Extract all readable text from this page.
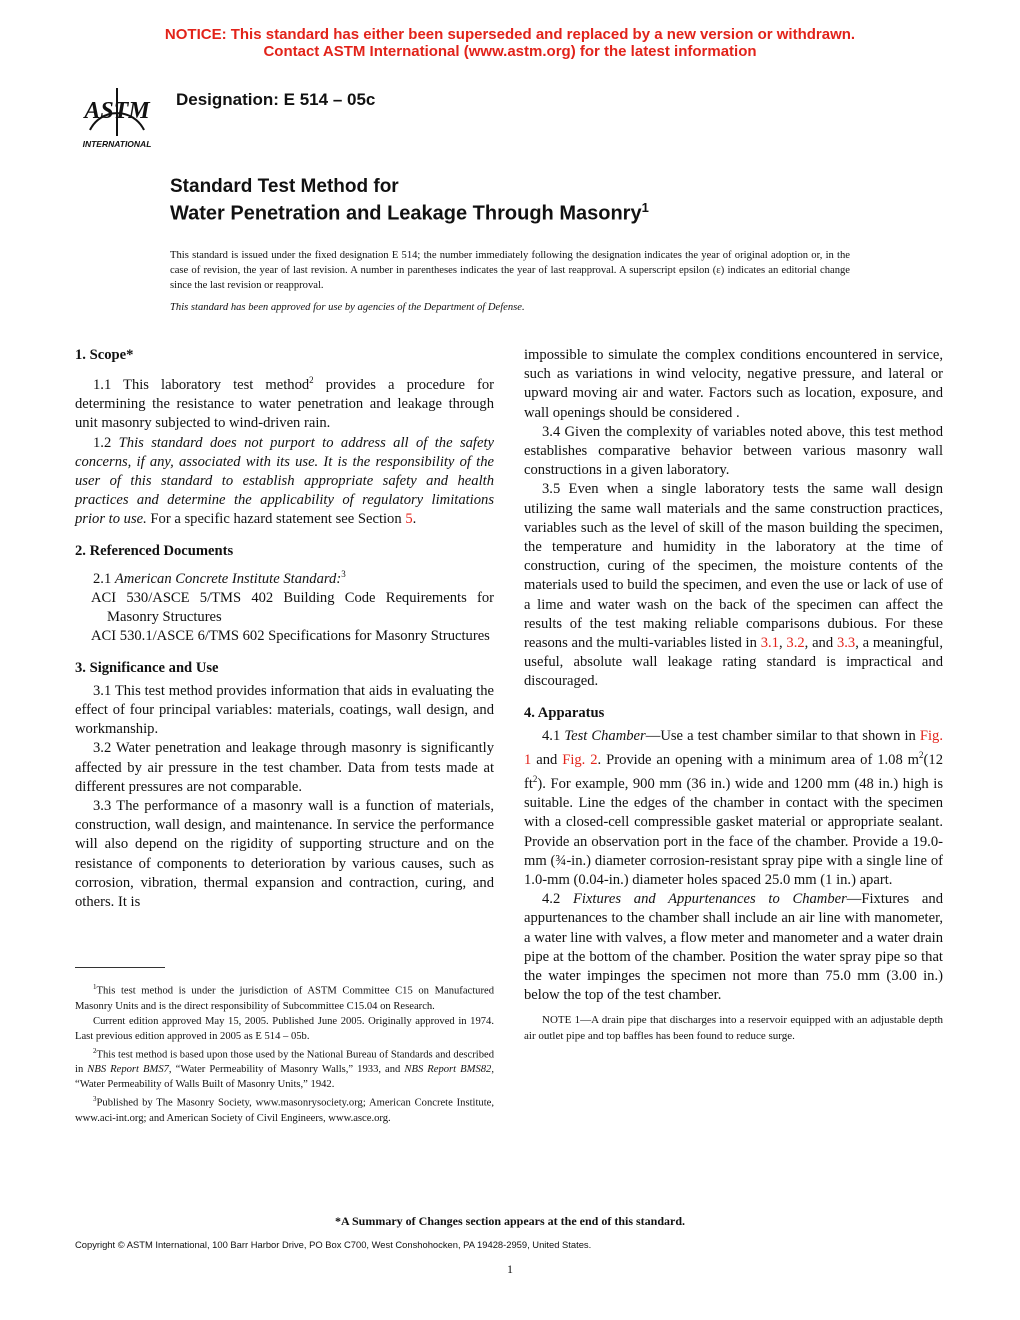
NOTICE: This standard has either been superseded and replaced by a new version or withdrawn.
Contact ASTM International (www.astm.org) for the latest information
ASTM
INTERNATIONAL
Designation: E 514 – 05c
Standard Test Method for
Water Penetration and Leakage Through Masonry$^1$
This standard is issued under the fixed designation E 514; the number immediately following the designation indicates the year of original adoption or, in the case of revision, the year of last revision. A number in parentheses indicates the year of last reapproval. A superscript epsilon (ε) indicates an editorial change since the last revision or reapproval.
This standard has been approved for use by agencies of the Department of Defense.
1. Scope*

1.1 This laboratory test method$^2$ provides a procedure for determining the resistance to water penetration and leakage through unit masonry subjected to wind-driven rain.

1.2 This standard does not purport to address all of the safety concerns, if any, associated with its use. It is the responsibility of the user of this standard to establish appropriate safety and health practices and determine the applicability of regulatory limitations prior to use. For a specific hazard statement see Section 5.

2. Referenced Documents

2.1 American Concrete Institute Standard:$^3$

ACI 530/ASCE 5/TMS 402 Building Code Requirements for Masonry Structures

ACI 530.1/ASCE 6/TMS 602 Specifications for Masonry Structures

3. Significance and Use

3.1 This test method provides information that aids in evaluating the effect of four principal variables: materials, coatings, wall design, and workmanship.

3.2 Water penetration and leakage through masonry is significantly affected by air pressure in the test chamber. Data from tests made at different pressures are not comparable.

3.3 The performance of a masonry wall is a function of materials, construction, wall design, and maintenance. In service the performance will also depend on the rigidity of supporting structure and on the resistance of components to deterioration by various causes, such as corrosion, vibration, thermal expansion and contraction, curing, and others. It is

impossible to simulate the complex conditions encountered in service, such as variations in wind velocity, negative pressure, and lateral or upward moving air and water. Factors such as location, exposure, and wall openings should be considered .

3.4 Given the complexity of variables noted above, this test method establishes comparative behavior between various masonry wall constructions in a given laboratory.

3.5 Even when a single laboratory tests the same wall design utilizing the same wall materials and the same construction practices, variables such as the level of skill of the mason building the specimen, the temperature and humidity in the laboratory at the time of construction, curing of the specimen, the moisture contents of the materials used to build the specimen, and even the use or lack of use of a lime and water wash on the back of the specimen can affect the results of the test making reliable comparisons dubious. For these reasons and the multi-variables listed in 3.1, 3.2, and 3.3, a meaningful, useful, absolute wall leakage rating standard is impractical and discouraged.

4. Apparatus

4.1 Test Chamber—Use a test chamber similar to that shown in Fig. 1 and Fig. 2. Provide an opening with a minimum area of 1.08 $m^2(12$ $ft^2$). For example, 900 mm (36 in.) wide and 1200 mm (48 in.) high is suitable. Line the edges of the chamber in contact with the specimen with a closed-cell compressible gasket material or appropriate sealant. Provide an observation port in the face of the chamber. Provide a 19.0-mm (¾-in.) diameter corrosion-resistant spray pipe with a single line of 1.0-mm (0.04-in.) diameter holes spaced 25.0 mm (1 in.) apart.

4.2 Fixtures and Appurtenances to Chamber—Fixtures and appurtenances to the chamber shall include an air line with manometer, a water line with valves, a flow meter and manometer and a water drain pipe at the bottom of the chamber. Position the water spray pipe so that the water impinges the specimen not more than 75.0 mm (3.00 in.) below the top of the test chamber.

NOTE 1—A drain pipe that discharges into a reservoir equipped with an adjustable depth air outlet pipe and top baffles has been found to reduce surge.

$^1$This test method is under the jurisdiction of ASTM Committee C15 on Manufactured Masonry Units and is the direct responsibility of Subcommittee C15.04 on Research.

Current edition approved May 15, 2005. Published June 2005. Originally approved in 1974. Last previous edition approved in 2005 as E 514 – 05b.

$^2$This test method is based upon those used by the National Bureau of Standards and described in NBS Report BMS7, “Water Permeability of Masonry Walls,” 1933, and NBS Report BMS82, “Water Permeability of Walls Built of Masonry Units,” 1942.

$^3$Published by The Masonry Society, www.masonrysociety.org; American Concrete Institute, www.aci-int.org; and American Society of Civil Engineers, www.asce.org.

*A Summary of Changes section appears at the end of this standard.
Copyright © ASTM International, 100 Barr Harbor Drive, PO Box C700, West Conshohocken, PA 19428-2959, United States.
1
